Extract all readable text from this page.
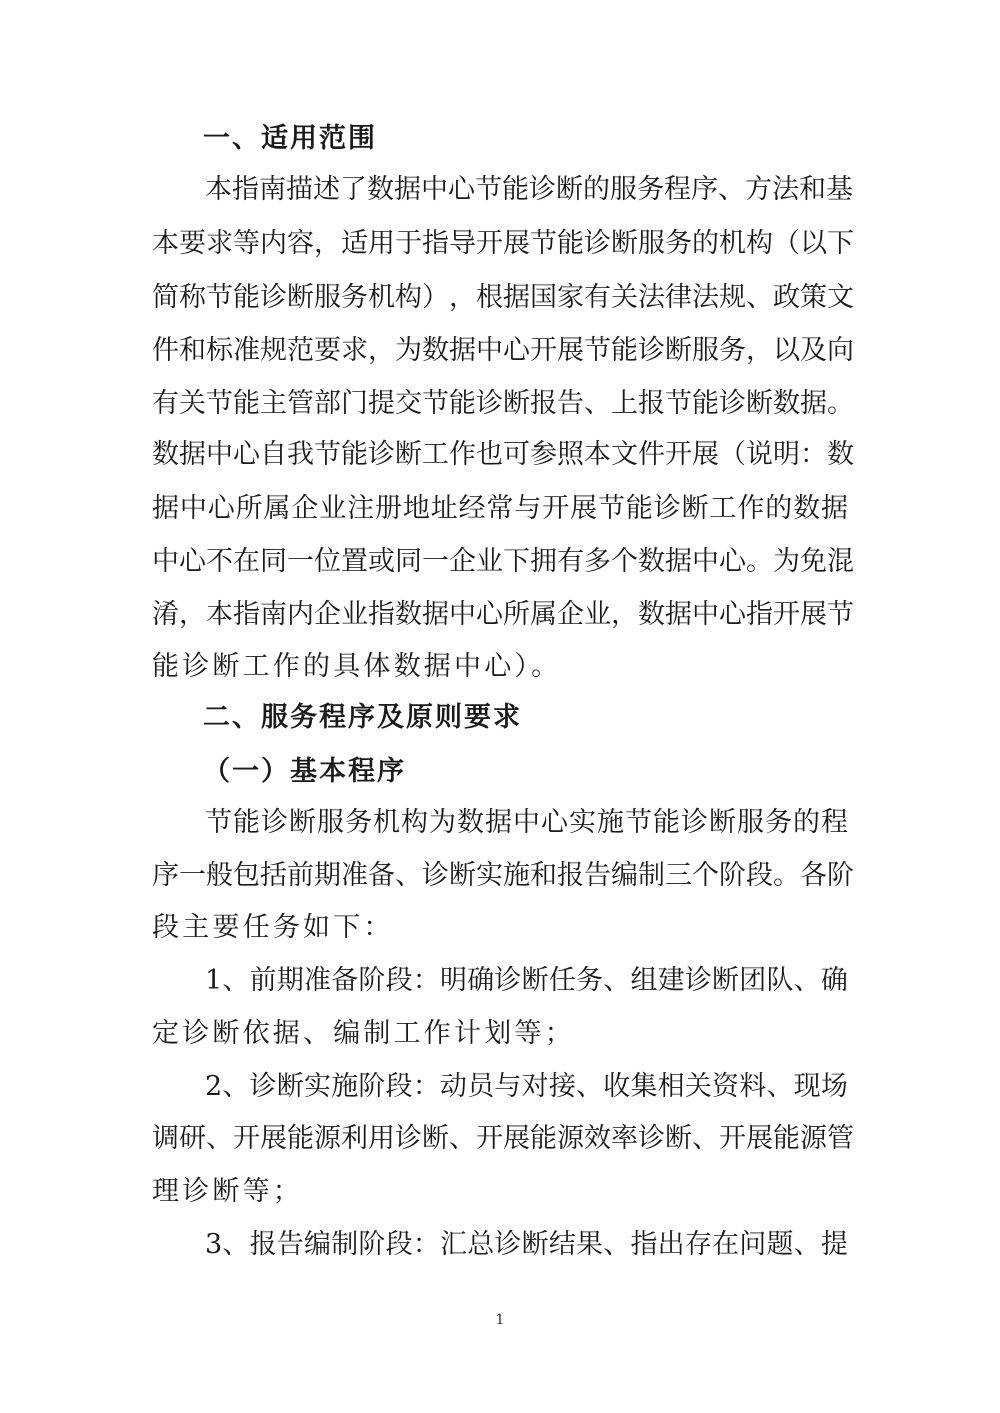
一、适用范围
本 指 南 描 述 了 数 据 中 心 节 能 诊 断 的 服 务 程 序 、 方 法 和 基
本 要 求 等 内 容 ， 适 用 于 指 导 开 展 节 能 诊 断 服 务 的 机 构 （ 以 下
简 称 节 能 诊 断 服 务 机 构 ） ， 根 据 国 家 有 关 法 律 法 规 、 政 策 文
件 和 标 准 规 范 要 求 ， 为 数 据 中 心 开 展 节 能 诊 断 服 务 ， 以 及 向
有 关 节 能 主 管 部 门 提 交 节 能 诊 断 报 告 、 上 报 节 能 诊 断 数 据 。
数 据 中 心 自 我 节 能 诊 断 工 作 也 可 参 照 本 文 件 开 展 （ 说 明 ： 数
据 中 心 所 属 企 业 注 册 地 址 经 常 与 开 展 节 能 诊 断 工 作 的 数 据
中 心 不 在 同 一 位 置 或 同 一 企 业 下 拥 有 多 个 数 据 中 心 。 为 免 混
淆 ， 本 指 南 内 企 业 指 数 据 中 心 所 属 企 业 ， 数 据 中 心 指 开 展 节
能诊断工作的具体数据中心）。
二、服务程序及原则要求
（一）基本程序
节 能 诊 断 服 务 机 构 为 数 据 中 心 实 施 节 能 诊 断 服 务 的 程
序 一 般 包 括 前 期 准 备 、 诊 断 实 施 和 报 告 编 制 三 个 阶 段 。 各 阶
段主要任务如下：
1 、 前 期 准 备 阶 段 ： 明 确 诊 断 任 务 、 组 建 诊 断 团 队 、 确
定诊断依据、编制工作计划等；
2 、 诊 断 实 施 阶 段 ： 动 员 与 对 接 、 收 集 相 关 资 料 、 现 场
调 研 、 开 展 能 源 利 用 诊 断 、 开 展 能 源 效 率 诊 断 、 开 展 能 源 管
理诊断等；
3 、 报 告 编 制 阶 段 ： 汇 总 诊 断 结 果 、 指 出 存 在 问 题 、 提
1
